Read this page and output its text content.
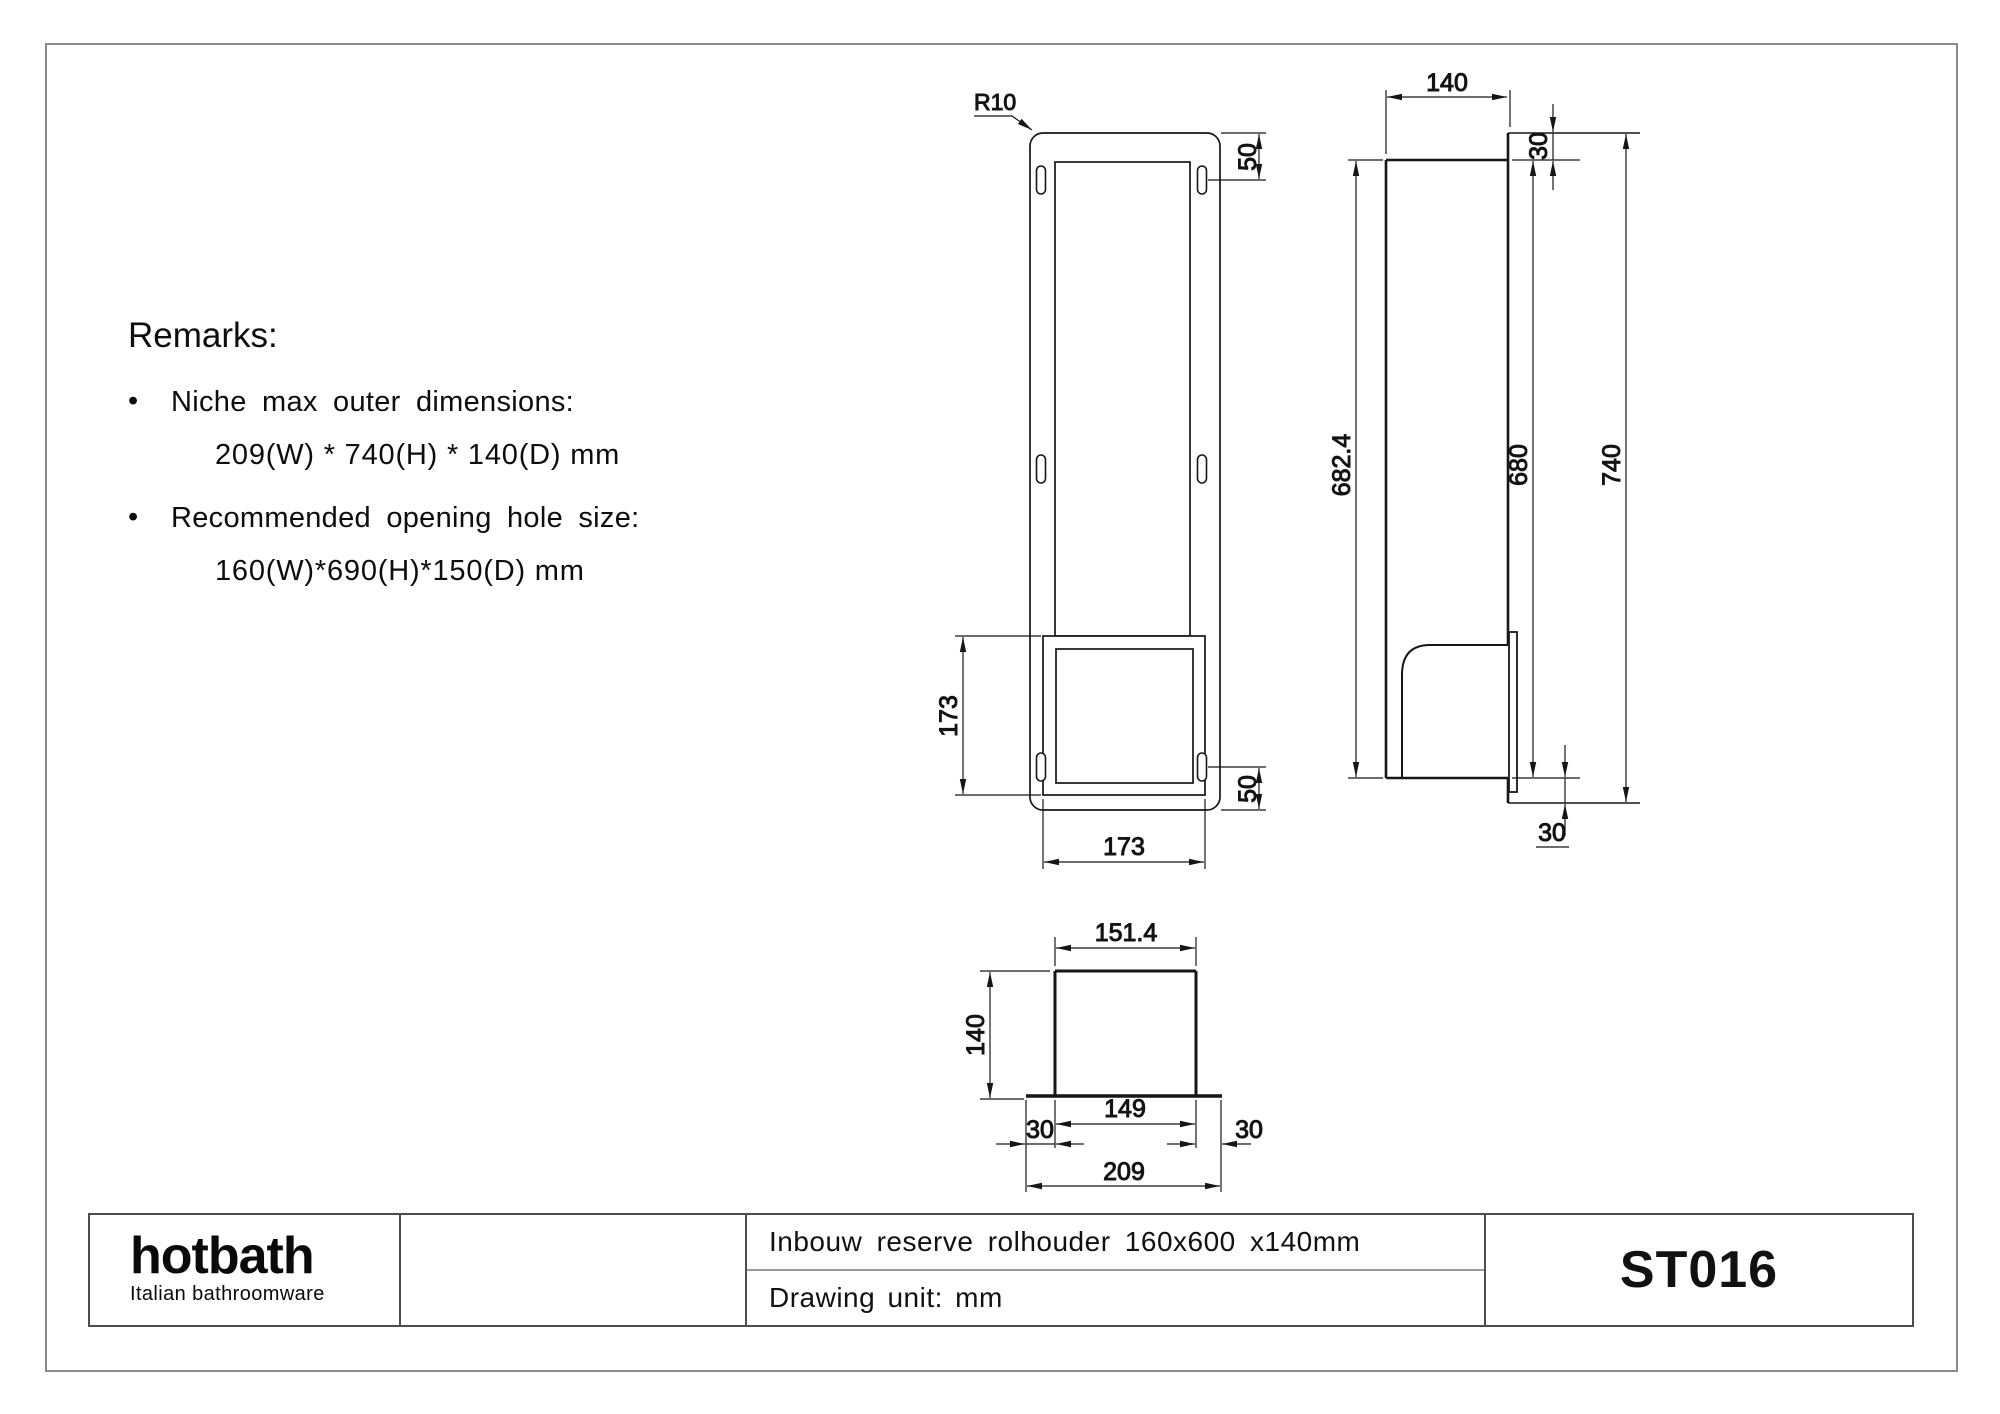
Remarks:
•	Niche max outer dimensions:
209(W) * 740(H) * 140(D) mm
•	Recommended opening hole size:
160(W)*690(H)*150(D) mm
R10
50
50
173
173
140
30
682.4	680	740
30
151.4
140
149
30	30
209
hotbath
Italian bathroomware
Inbouw reserve rolhouder 160x600 x140mm
Drawing unit: mm	ST016
